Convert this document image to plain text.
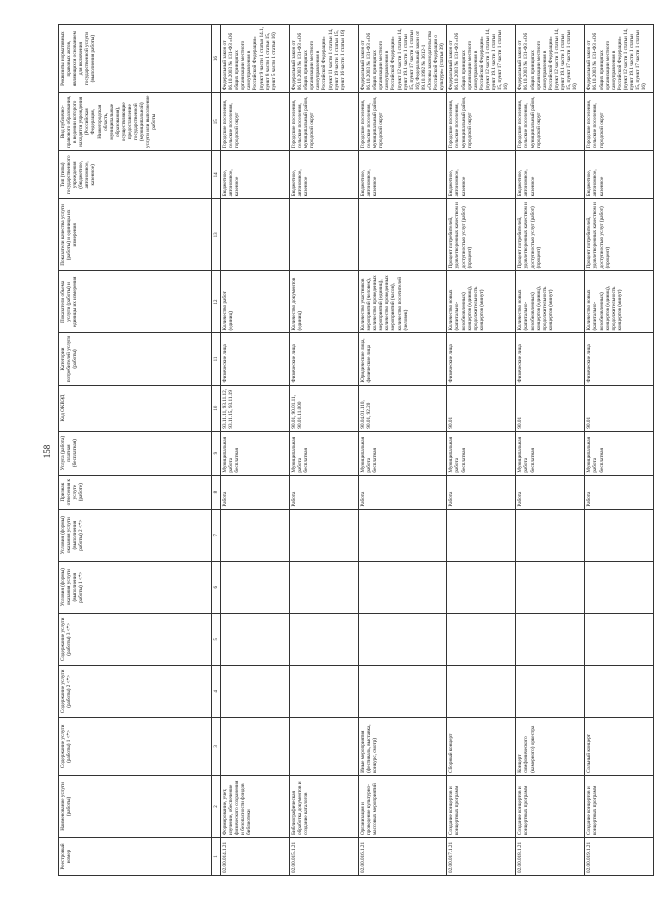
158
Реестровый номер	Наименование услуги (работы)	Содержание услуги (работы) 1 <*>	Содержание услуги (работы) 2 <*>	Содержание услуги (работы) 3 <*>	Условия (формы) оказания услуги (выполнения работы) 1 <*>	Условия (формы) оказания услуги (выполнения работы) 2 <*>	Признак отнесения к услуге (работе)	Услуга (работа) платная (бесплатная)	Код ОКВЭД	Категории потребителей услуги (работы)	Показатели объема услуги (работы) и единицы их измерения	Показатели качества услуги (работы) и единицы их измерения	Тип (типы) государственного учреждения (бюджетное, автономное, казенное)	Вид публично-правового образования, в ведении которого находятся учреждения (Российская Федерация, Нижегородская область, муниципальные образования), осуществляющие предоставление государственной (муниципальной) услуги или выполнение работы	Реквизиты нормативных правовых актов, являющихся основанием для включения государственной услуги (выполнения работы)
1	2	3	4	5	6	7	8	9	10	11	12	13	14	15	16
02.00.014.1.21	Формирование, учет, изучение, обеспечение физического сохранения и безопасности фондов библиотеки						Работа	Муниципальная работа бесплатная	93.11.11, 93.11.12, 93.11.15, 93.11.19	Физические лица	Количество работ (единиц)		Бюджетное, автономное, казенное	Городские поселения, сельские поселения, городской округ	Федеральный закон от 06.10.2003 № 131-ФЗ «Об общих принципах организации местного самоуправления в Российской Федерации» (пункт 9 части 1 статьи 14.1, пункт 8 части 1 статьи 15, пункт 5 части 1 статьи 16)
02.00.015.1.21	Библиографическая обработка документов и создание каталогов						Работа	Муниципальная работа бесплатная	90.01, 90.01.11, 90.01.11.000	Физические лица	Количество документов (единиц)		Бюджетное, автономное, казенное	Городские поселения, сельские поселения, муниципальный район, городской округ	Федеральный закон от 06.10.2003 № 131-ФЗ «Об общих принципах организации местного самоуправления в Российской Федерации» (пункт 11 части 1 статьи 14, пункт 19 части 1 статьи 15, пункт 16 части 1 статьи 16)
02.00.016.1.21	Организация и проведение культурно-массовых мероприятий	Иные мероприятия (фестиваль, выставка, конкурс, смотр)					Работа	Муниципальная работа бесплатная	90.04.01.110, 90.01, 92.20	Юридические лица, физические лица	Количество участников мероприятий (человек), количество проведенных мероприятий (единиц), количество проведенных мероприятий (часов), количество посетителей (человек)		Бюджетное, автономное, казенное	Городские поселения, сельские поселения, муниципальный район, городской округ	Федеральный закон от 06.10.2003 № 131-ФЗ «Об общих принципах организации местного самоуправления в Российской Федерации» (пункт 12 части 1 статьи 14, пункт 19.1 части 1 статьи 15, пункт 17 части 1 статьи 16); Федеральный закон от 09.10.1992 № 3612-1 «Основы законодательства Российской Федерации о культуре» (статья 39)
02.00.017.1.21	Создание концертов и концертных программ	Сборный концерт					Работа	Муниципальная работа бесплатная	90.01	Физические лица	Количество новых (капитально-возобновленных) концертов (единиц), продолжительность концертов (минут)	Процент потребителей, удовлетворенных качеством и доступностью услуг (работ) (процент)	Бюджетное, автономное, казенное	Городские поселения, сельские поселения, муниципальный район, городской округ	Федеральный закон от 06.10.2003 № 131-ФЗ «Об общих принципах организации местного самоуправления в Российской Федерации» (пункт 12 части 1 статьи 14, пункт 19.1 части 1 статьи 15, пункт 17 части 1 статьи 16)
02.00.018.1.21	Создание концертов и концертных программ	Концерт симфонического (камерного) оркестра					Работа	Муниципальная работа бесплатная	90.01	Физические лица	Количество новых (капитально-возобновленных) концертов (единиц), продолжительность концертов (минут)	Процент потребителей, удовлетворенных качеством и доступностью услуг (работ) (процент)	Бюджетное, автономное, казенное	Городские поселения, сельские поселения, муниципальный район, городской округ	Федеральный закон от 06.10.2003 № 131-ФЗ «Об общих принципах организации местного самоуправления в Российской Федерации» (пункт 12 части 1 статьи 14, пункт 19.1 части 1 статьи 15, пункт 17 части 1 статьи 16)
02.00.019.1.21	Создание концертов и концертных программ	Сольный концерт					Работа	Муниципальная работа бесплатная	90.01	Физические лица	Количество новых (капитально-возобновленных) концертов (единиц), продолжительность концертов (минут)	Процент потребителей, удовлетворенных качеством и доступностью услуг (работ) (процент)	Бюджетное, автономное, казенное	Городские поселения, сельские поселения, городской округ	Федеральный закон от 06.10.2003 № 131-ФЗ «Об общих принципах организации местного самоуправления в Российской Федерации» (пункт 12 части 1 статьи 14, пункт 19.1 части 1 статьи 15, пункт 17 части 1 статьи 16)
